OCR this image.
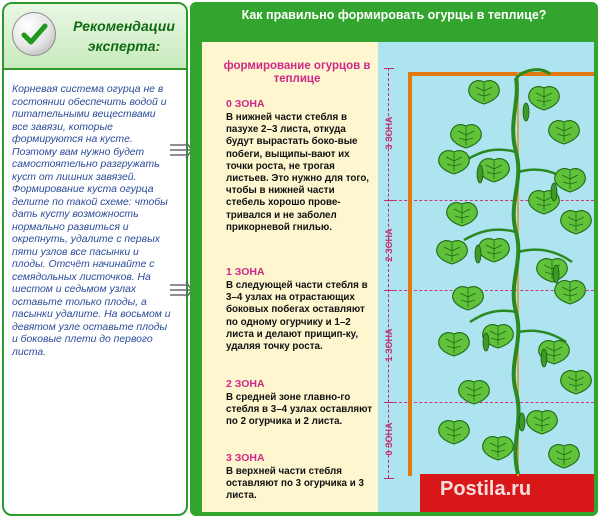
Рекомендации эксперта:

Корневая система огурца не в состоянии обеспечить водой и питательными веществами все завязи, которые формируются на кусте. Поэтому вам нужно будет самостоятельно разгружать куст от лишних завязей. Формирование куста огурца делите по такой схеме: чтобы дать кусту возможность нормально развиться и окрепнуть, удалите с первых пяти узлов все пасынки и плоды. Отсчёт начинайте с семядольных листочков. На шестом и седьмом узлах оставьте только плоды, а пасынки удалите. На восьмом и девятом узле оставьте плоды и боковые плети до первого листа.

Как правильно формировать огурцы в теплице?

формирование огурцов в теплице

0 ЗОНА

В нижней части стебля в пазухе 2–3 листа, откуда будут вырастать боко-вые побеги, выщипы-вают их точки роста, не трогая листьев. Это нужно для того, чтобы в нижней части стебель хорошо прове-тривался и не заболел прикорневой гнилью.

1 ЗОНА

В следующей части стебля в 3–4 узлах на отрастающих боковых побегах оставляют по одному огурчику и 1–2 листа и делают прищип-ку, удаляя точку роста.

2 ЗОНА

В средней зоне главно-го стебля в 3–4 узлах оставляют по 2 огурчика и 2 листа.

3 ЗОНА

В верхней части стебля оставляют по 3 огурчика и 3 листа.

3 ЗОНА
2 ЗОНА
1 ЗОНА
0 ЗОНА
Postila.ru
